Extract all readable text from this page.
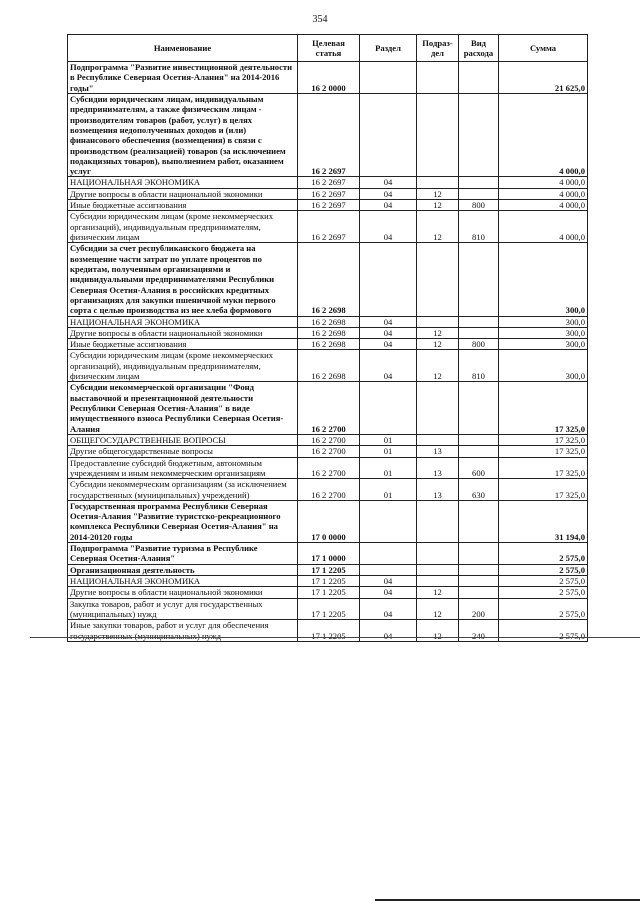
354
Наименование	Целевая статья	Раздел	Подраз-дел	Вид расхода	Сумма
Подпрограмма "Развитие инвестиционной деятельности в Республике Северная Осетия-Алания" на 2014-2016 годы"	16 2 0000				21 625,0
Субсидии юридическим лицам, индивидуальным предпринимателям, а также физическим лицам - производителям товаров (работ, услуг) в целях возмещения недополученных доходов и (или) финансового обеспечения (возмещения) в связи с производством (реализацией) товаров (за исключением подакцизных товаров), выполнением работ, оказанием услуг	16 2 2697				4 000,0
НАЦИОНАЛЬНАЯ ЭКОНОМИКА	16 2 2697	04			4 000,0
Другие вопросы в области национальной экономики	16 2 2697	04	12		4 000,0
Иные бюджетные ассигнования	16 2 2697	04	12	800	4 000,0
Субсидии юридическим лицам (кроме некоммерческих организаций), индивидуальным предпринимателям, физическим лицам	16 2 2697	04	12	810	4 000,0
Субсидии за счет республиканского бюджета на возмещение части затрат по уплате процентов по кредитам, полученным организациями и индивидуальными предпринимателями Республики Северная Осетия-Алания в российских кредитных организациях для закупки пшеничной муки первого сорта с целью производства из нее хлеба формового	16 2 2698				300,0
НАЦИОНАЛЬНАЯ ЭКОНОМИКА	16 2 2698	04			300,0
Другие вопросы в области национальной экономики	16 2 2698	04	12		300,0
Иные бюджетные ассигнования	16 2 2698	04	12	800	300,0
Субсидии юридическим лицам (кроме некоммерческих организаций), индивидуальным предпринимателям, физическим лицам	16 2 2698	04	12	810	300,0
Субсидии некоммерческой организации "Фонд выставочной и презентационной деятельности Республики Северная Осетия-Алания" в виде имущественного взноса Республики Северная Осетия-Алания	16 2 2700				17 325,0
ОБЩЕГОСУДАРСТВЕННЫЕ ВОПРОСЫ	16 2 2700	01			17 325,0
Другие общегосударственные вопросы	16 2 2700	01	13		17 325,0
Предоставление субсидий бюджетным, автономным учреждениям и иным некоммерческим организациям	16 2 2700	01	13	600	17 325,0
Субсидии некоммерческим организациям (за исключением государственных (муниципальных) учреждений)	16 2 2700	01	13	630	17 325,0
Государственная программа Республики Северная Осетия-Алания "Развитие туристско-рекреационного комплекса Республики Северная Осетия-Алания" на 2014-20120 годы	17 0 0000				31 194,0
Подпрограмма "Развитие туризма в Республике Северная Осетия-Алания"	17 1 0000				2 575,0
Организационная деятельность	17 1 2205				2 575,0
НАЦИОНАЛЬНАЯ ЭКОНОМИКА	17 1 2205	04			2 575,0
Другие вопросы в области национальной экономики	17 1 2205	04	12		2 575,0
Закупка товаров, работ и услуг для государственных (муниципальных) нужд	17 1 2205	04	12	200	2 575,0
Иные закупки товаров, работ и услуг для обеспечения государственных (муниципальных) нужд	17 1 2205	04	12	240	2 575,0
